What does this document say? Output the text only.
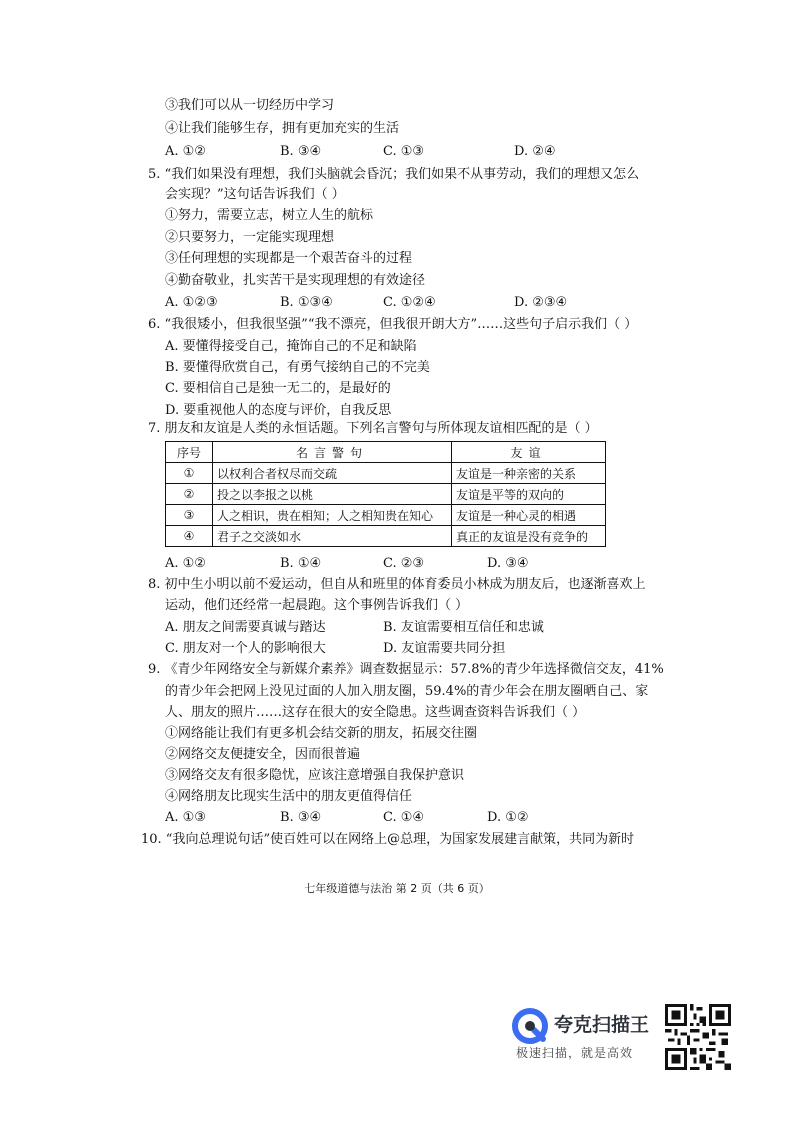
③我们可以从一切经历中学习
④让我们能够生存，拥有更加充实的生活
A. ①②	B. ③④	C. ①③	D. ②④
5. “我们如果没有理想，我们头脑就会昏沉；我们如果不从事劳动，我们的理想又怎么
会实现？”这句话告诉我们（ ）
①努力，需要立志，树立人生的航标
②只要努力，一定能实现理想
③任何理想的实现都是一个艰苦奋斗的过程
④勤奋敬业，扎实苦干是实现理想的有效途径
A. ①②③	B. ①③④	C. ①②④	D. ②③④
6. “我很矮小，但我很坚强”“我不漂亮，但我很开朗大方”……这些句子启示我们（ ）
A. 要懂得接受自己，掩饰自己的不足和缺陷
B. 要懂得欣赏自己，有勇气接纳自己的不完美
C. 要相信自己是独一无二的，是最好的
D. 要重视他人的态度与评价，自我反思
7. 朋友和友谊是人类的永恒话题。下列名言警句与所体现友谊相匹配的是（ ）
序号	名言警句	友谊
①	以权利合者权尽而交疏	友谊是一种亲密的关系
②	投之以李报之以桃	友谊是平等的双向的
③	人之相识，贵在相知；人之相知贵在知心	友谊是一种心灵的相遇
④	君子之交淡如水	真正的友谊是没有竞争的
A. ①②	B. ①④	C. ②③	D. ③④
8. 初中生小明以前不爱运动，但自从和班里的体育委员小林成为朋友后，也逐渐喜欢上
运动，他们还经常一起晨跑。这个事例告诉我们（ ）
A. 朋友之间需要真诚与踏达	B. 友谊需要相互信任和忠诚
C. 朋友对一个人的影响很大	D. 友谊需要共同分担
9. 《青少年网络安全与新媒介素养》调查数据显示：57.8%的青少年选择微信交友，41%
的青少年会把网上没见过面的人加入朋友圈，59.4%的青少年会在朋友圈晒自己、家
人、朋友的照片……这存在很大的安全隐患。这些调查资料告诉我们（ ）
①网络能让我们有更多机会结交新的朋友，拓展交往圈
②网络交友便捷安全，因而很普遍
③网络交友有很多隐忧，应该注意增强自我保护意识
④网络朋友比现实生活中的朋友更值得信任
A. ①③	B. ③④	C. ①④	D. ①②
10. “我向总理说句话”使百姓可以在网络上@总理，为国家发展建言献策，共同为新时
七年级道德与法治 第 2 页（共 6 页）
夸克扫描王
极速扫描，就是高效
